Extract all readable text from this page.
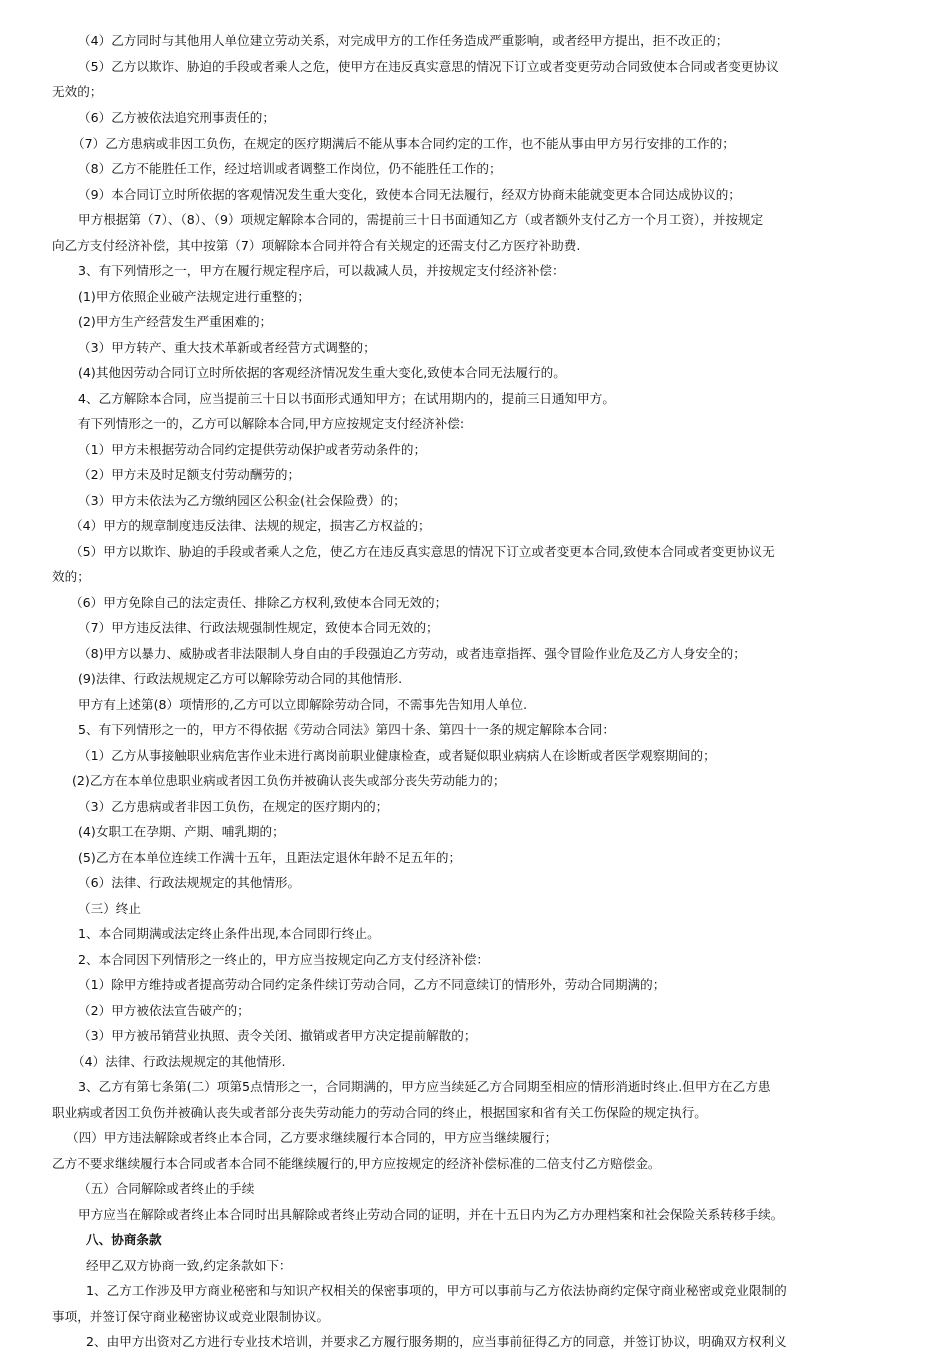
（4）乙方同时与其他用人单位建立劳动关系，对完成甲方的工作任务造成严重影响，或者经甲方提出，拒不改正的；
（5）乙方以欺诈、胁迫的手段或者乘人之危，使甲方在违反真实意思的情况下订立或者变更劳动合同致使本合同或者变更协议
无效的；
（6）乙方被依法追究刑事责任的；
（7）乙方患病或非因工负伤，在规定的医疗期满后不能从事本合同约定的工作，也不能从事由甲方另行安排的工作的；
（8）乙方不能胜任工作，经过培训或者调整工作岗位，仍不能胜任工作的；
（9）本合同订立时所依据的客观情况发生重大变化，致使本合同无法履行，经双方协商未能就变更本合同达成协议的；
甲方根据第（7）、（8）、（9）项规定解除本合同的，需提前三十日书面通知乙方（或者额外支付乙方一个月工资），并按规定
向乙方支付经济补偿，其中按第（7）项解除本合同并符合有关规定的还需支付乙方医疗补助费.
3、有下列情形之一，甲方在履行规定程序后，可以裁减人员，并按规定支付经济补偿：
(1)甲方依照企业破产法规定进行重整的；
(2)甲方生产经营发生严重困难的；
（3）甲方转产、重大技术革新或者经营方式调整的；
(4)其他因劳动合同订立时所依据的客观经济情况发生重大变化,致使本合同无法履行的。
4、乙方解除本合同，应当提前三十日以书面形式通知甲方；在试用期内的，提前三日通知甲方。
有下列情形之一的，乙方可以解除本合同,甲方应按规定支付经济补偿:
（1）甲方未根据劳动合同约定提供劳动保护或者劳动条件的；
（2）甲方未及时足额支付劳动酬劳的；
（3）甲方未依法为乙方缴纳园区公积金(社会保险费）的；
（4）甲方的规章制度违反法律、法规的规定，损害乙方权益的；
（5）甲方以欺诈、胁迫的手段或者乘人之危，使乙方在违反真实意思的情况下订立或者变更本合同,致使本合同或者变更协议无
效的；
（6）甲方免除自己的法定责任、排除乙方权利,致使本合同无效的；
（7）甲方违反法律、行政法规强制性规定，致使本合同无效的；
（8)甲方以暴力、威胁或者非法限制人身自由的手段强迫乙方劳动，或者违章指挥、强令冒险作业危及乙方人身安全的；
(9)法律、行政法规规定乙方可以解除劳动合同的其他情形.
甲方有上述第(8）项情形的,乙方可以立即解除劳动合同，不需事先告知用人单位.
5、有下列情形之一的，甲方不得依据《劳动合同法》第四十条、第四十一条的规定解除本合同：
（1）乙方从事接触职业病危害作业未进行离岗前职业健康检查，或者疑似职业病病人在诊断或者医学观察期间的；
(2)乙方在本单位患职业病或者因工负伤并被确认丧失或部分丧失劳动能力的；
（3）乙方患病或者非因工负伤，在规定的医疗期内的；
(4)女职工在孕期、产期、哺乳期的；
(5)乙方在本单位连续工作满十五年，且距法定退休年龄不足五年的；
（6）法律、行政法规规定的其他情形。
（三）终止
1、本合同期满或法定终止条件出现,本合同即行终止。
2、本合同因下列情形之一终止的，甲方应当按规定向乙方支付经济补偿：
（1）除甲方维持或者提高劳动合同约定条件续订劳动合同，乙方不同意续订的情形外，劳动合同期满的；
（2）甲方被依法宣告破产的；
（3）甲方被吊销营业执照、责令关闭、撤销或者甲方决定提前解散的；
（4）法律、行政法规规定的其他情形.
3、乙方有第七条第(二）项第5点情形之一，合同期满的，甲方应当续延乙方合同期至相应的情形消逝时终止.但甲方在乙方患
职业病或者因工负伤并被确认丧失或者部分丧失劳动能力的劳动合同的终止，根据国家和省有关工伤保险的规定执行。
（四）甲方违法解除或者终止本合同，乙方要求继续履行本合同的，甲方应当继续履行；
乙方不要求继续履行本合同或者本合同不能继续履行的,甲方应按规定的经济补偿标准的二倍支付乙方赔偿金。
（五）合同解除或者终止的手续
甲方应当在解除或者终止本合同时出具解除或者终止劳动合同的证明，并在十五日内为乙方办理档案和社会保险关系转移手续。
八、协商条款
经甲乙双方协商一致,约定条款如下：
1、乙方工作涉及甲方商业秘密和与知识产权相关的保密事项的，甲方可以事前与乙方依法协商约定保守商业秘密或竞业限制的
事项，并签订保守商业秘密协议或竞业限制协议。
2、由甲方出资对乙方进行专业技术培训，并要求乙方履行服务期的，应当事前征得乙方的同意，并签订协议，明确双方权利义
